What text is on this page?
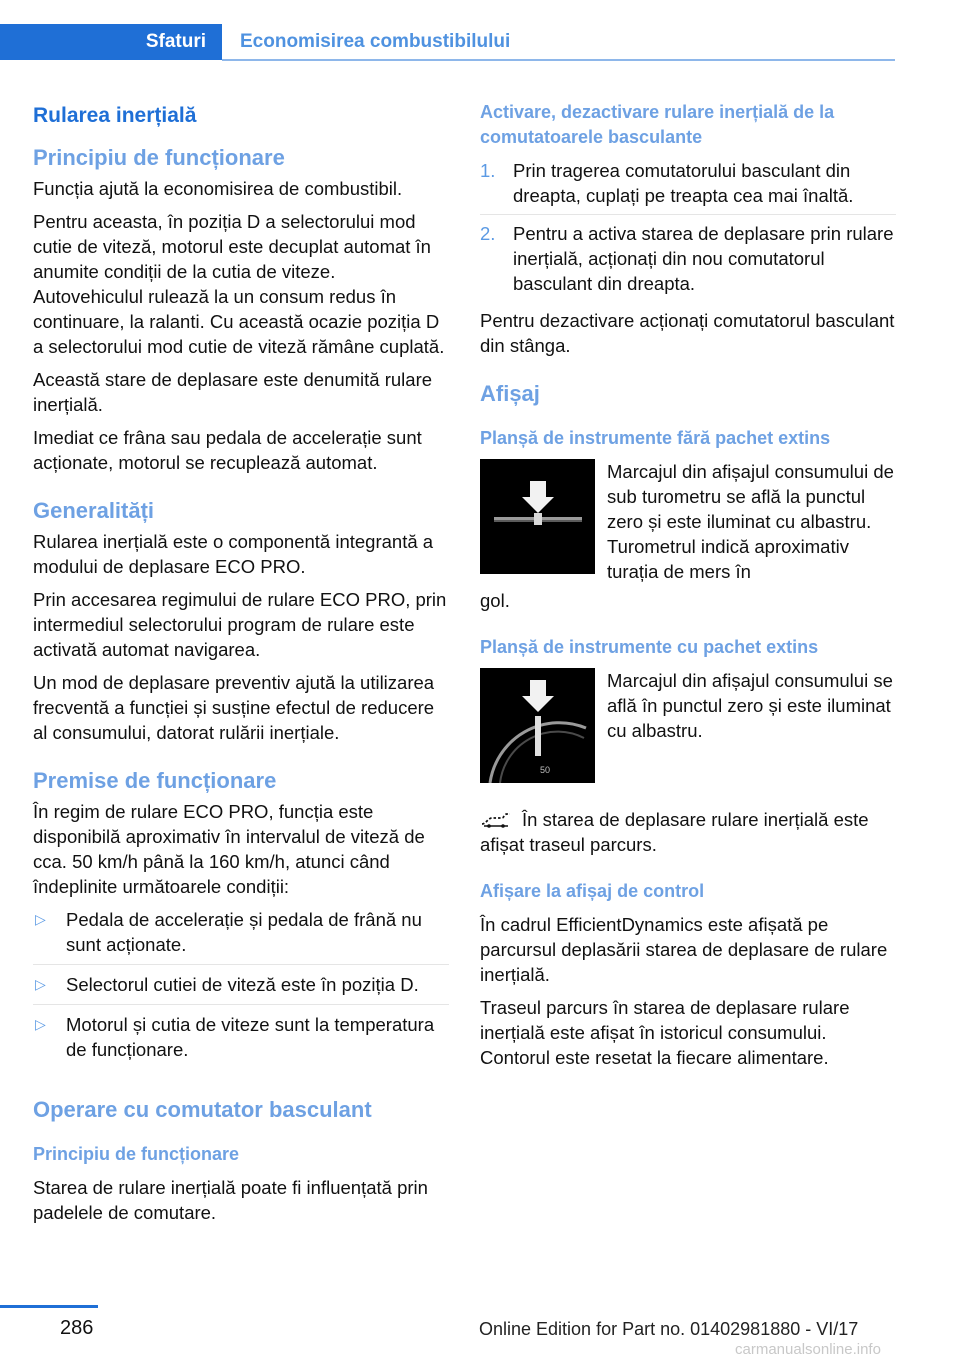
Sfaturi Economisirea combustibilului
Rularea inerțială
Principiu de funcționare

Funcția ajută la economisirea de combustibil.

Pentru aceasta, în poziția D a selectorului mod cutie de viteză, motorul este decuplat automat în anumite condiții de la cutia de viteze. Autovehiculul rulează la un consum redus în continuare, la ralanti. Cu această ocazie poziția D a selectorului mod cutie de viteză rămâne cuplată.

Această stare de deplasare este denumită rulare inerțială.

Imediat ce frâna sau pedala de accelerație sunt acționate, motorul se recuplează automat.

Generalități

Rularea inerțială este o componentă integrantă a modului de deplasare ECO PRO.

Prin accesarea regimului de rulare ECO PRO, prin intermediul selectorului program de rulare este activată automat navigarea.

Un mod de deplasare preventiv ajută la utilizarea frecventă a funcției și susține efectul de reducere al consumului, datorat rulării inerțiale.

Premise de funcționare

În regim de rulare ECO PRO, funcția este disponibilă aproximativ în intervalul de viteză de cca. 50 km/h până la 160 km/h, atunci când îndeplinite următoarele condiții:

▷ Pedala de accelerație și pedala de frână nu sunt acționate.
▷ Selectorul cutiei de viteză este în poziția D.
▷ Motorul și cutia de viteze sunt la temperatura de funcționare.
Operare cu comutator basculant
Principiu de funcționare

Starea de rulare inerțială poate fi influențată prin padelele de comutare.

Activare, dezactivare rulare inerțială de la comutatoarele basculante
1. Prin tragerea comutatorului basculant din dreapta, cuplați pe treapta cea mai înaltă.
2. Pentru a activa starea de deplasare prin rulare inerțială, acționați din nou comutatorul basculant din dreapta.

Pentru dezactivare acționați comutatorul basculant din stânga.

Afișaj
Planșă de instrumente fără pachet extins
Marcajul din afișajul consumului de sub turometru se află la punctul zero și este iluminat cu albastru. Turometrul indică aproximativ turația de mers în
gol.
Planșă de instrumente cu pachet extins
50
Marcajul din afișajul consumului se află în punctul zero și este iluminat cu albastru.

În starea de deplasare rulare inerțială este afișat traseul parcurs.

Afișare la afișaj de control

În cadrul EfficientDynamics este afișată pe parcursul deplasării starea de deplasare de rulare inerțială.

Traseul parcurs în starea de deplasare rulare inerțială este afișat în istoricul consumului. Contorul este resetat la fiecare alimentare.

286	Online Edition for Part no. 01402981880 - VI/17
carmanualsonline.info
